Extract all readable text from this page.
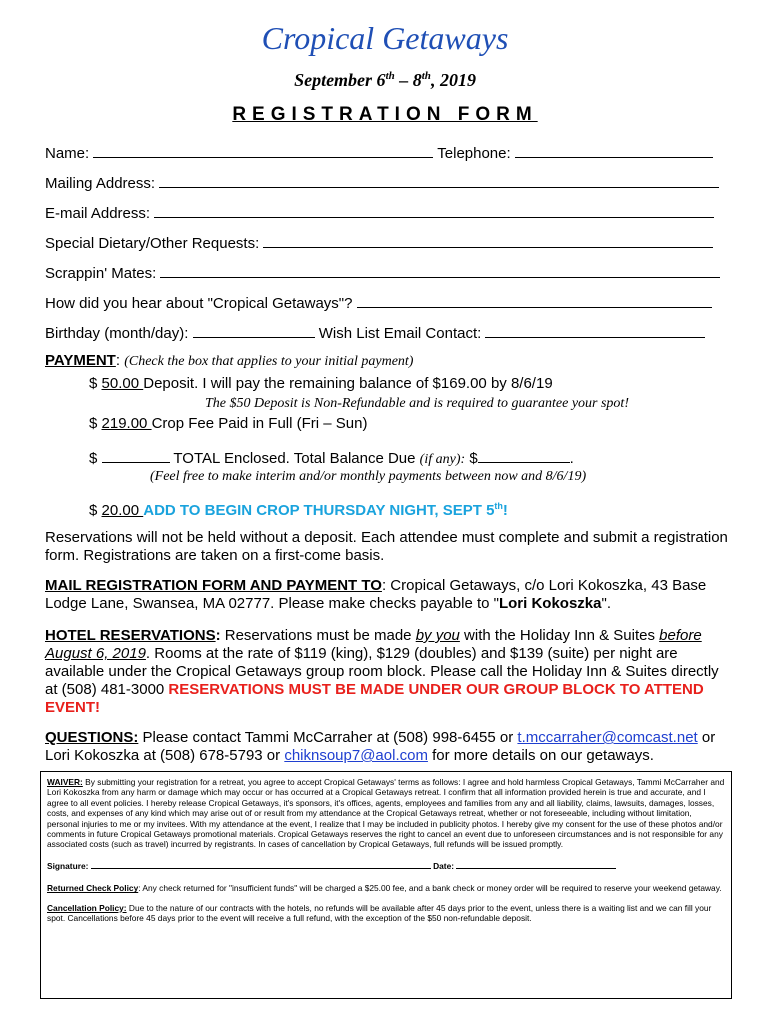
Cropical Getaways
September 6th – 8th, 2019
REGISTRATION FORM
Name:	Telephone:
Mailing Address:
E-mail Address:
Special Dietary/Other Requests:
Scrappin' Mates:
How did you hear about "Cropical Getaways"?
Birthday (month/day):	Wish List Email Contact:
PAYMENT: (Check the box that applies to your initial payment)
$ 50.00 Deposit. I will pay the remaining balance of $169.00 by 8/6/19
The $50 Deposit is Non-Refundable and is required to guarantee your spot!
$ 219.00 Crop Fee Paid in Full (Fri – Sun)
$	TOTAL Enclosed. Total Balance Due (if any): $	.
(Feel free to make interim and/or monthly payments between now and 8/6/19)
$ 20.00 ADD TO BEGIN CROP THURSDAY NIGHT, SEPT 5th!
Reservations will not be held without a deposit. Each attendee must complete and submit a registration form. Registrations are taken on a first-come basis.
MAIL REGISTRATION FORM AND PAYMENT TO: Cropical Getaways, c/o Lori Kokoszka, 43 Base Lodge Lane, Swansea, MA 02777. Please make checks payable to "Lori Kokoszka".
HOTEL RESERVATIONS: Reservations must be made by you with the Holiday Inn & Suites before August 6, 2019. Rooms at the rate of $119 (king), $129 (doubles) and $139 (suite) per night are available under the Cropical Getaways group room block. Please call the Holiday Inn & Suites directly at (508) 481-3000 RESERVATIONS MUST BE MADE UNDER OUR GROUP BLOCK TO ATTEND EVENT!
QUESTIONS: Please contact Tammi McCarraher at (508) 998-6455 or t.mccarraher@comcast.net or Lori Kokoszka at (508) 678-5793 or chiknsoup7@aol.com for more details on our getaways.

WAIVER: By submitting your registration for a retreat, you agree to accept Cropical Getaways' terms as follows: I agree and hold harmless Cropical Getaways, Tammi McCarraher and Lori Kokoszka from any harm or damage which may occur or has occurred at a Cropical Getaways retreat. I confirm that all information provided herein is true and accurate, and I agree to all event policies. I hereby release Cropical Getaways, it's sponsors, it's offices, agents, employees and families from any and all liability, claims, lawsuits, damages, losses, costs, and expenses of any kind which may arise out of or result from my attendance at the Cropical Getaways retreat, whether or not foreseeable, including without limitation, personal injuries to me or my invitees. With my attendance at the event, I realize that I may be included in publicity photos. I hereby give my consent for the use of these photos and/or comments in future Cropical Getaways promotional materials. Cropical Getaways reserves the right to cancel an event due to unforeseen circumstances and is not responsible for any associated costs (such as travel) incurred by registrants. In cases of cancellation by Cropical Getaways, full refunds will be issued promptly.

Signature:	Date:

Returned Check Policy: Any check returned for "insufficient funds" will be charged a $25.00 fee, and a bank check or money order will be required to reserve your weekend getaway.

Cancellation Policy: Due to the nature of our contracts with the hotels, no refunds will be available after 45 days prior to the event, unless there is a waiting list and we can fill your spot. Cancellations before 45 days prior to the event will receive a full refund, with the exception of the $50 non-refundable deposit.
